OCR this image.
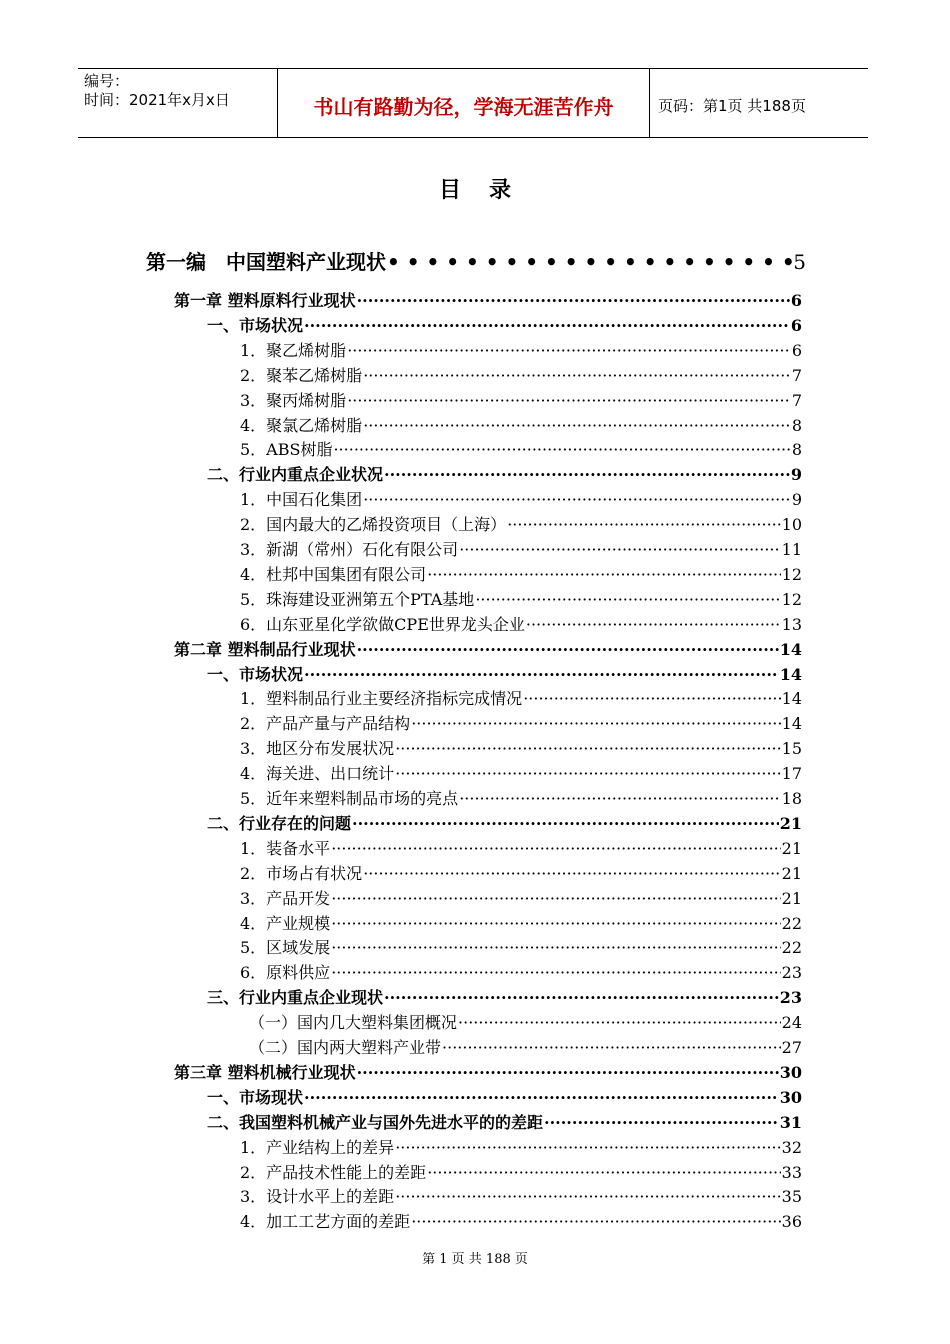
编号：
时间：2021年x月x日	书山有路勤为径，学海无涯苦作舟	页码：第1页 共188页
目录
第一编　中国塑料产业现状 • • •	5
第一章 塑料原料行业现状 ·····	6
一、市场状况 ·····	6
1．聚乙烯树脂 ·····	6
2．聚苯乙烯树脂 ·····	7
3．聚丙烯树脂 ·····	7
4．聚氯乙烯树脂 ·····	8
5．ABS树脂 ·····	8
二、行业内重点企业状况 ·····	9
1．中国石化集团 ·····	9
2．国内最大的乙烯投资项目（上海） ·····	10
3．新湖（常州）石化有限公司 ·····	11
4．杜邦中国集团有限公司 ·····	12
5．珠海建设亚洲第五个PTA基地 ·····	12
6．山东亚星化学欲做CPE世界龙头企业 ·····	13
第二章 塑料制品行业现状 ·····	14
一、市场状况 ·····	14
1．塑料制品行业主要经济指标完成情况 ·····	14
2．产品产量与产品结构 ·····	14
3．地区分布发展状况 ·····	15
4．海关进、出口统计 ·····	17
5．近年来塑料制品市场的亮点 ·····	18
二、行业存在的问题 ·····	21
1．装备水平 ·····	21
2．市场占有状况 ·····	21
3．产品开发 ·····	21
4．产业规模 ·····	22
5．区域发展 ·····	22
6．原料供应 ·····	23
三、行业内重点企业现状 ·····	23
（一）国内几大塑料集团概况 ·····	24
（二）国内两大塑料产业带 ·····	27
第三章 塑料机械行业现状 ·····	30
一、市场现状 ·····	30
二、我国塑料机械产业与国外先进水平的的差距 ·····	31
1．产业结构上的差异 ·····	32
2．产品技术性能上的差距 ·····	33
3．设计水平上的差距 ·····	35
4．加工工艺方面的差距 ·····	36
第 1 页 共 188 页
